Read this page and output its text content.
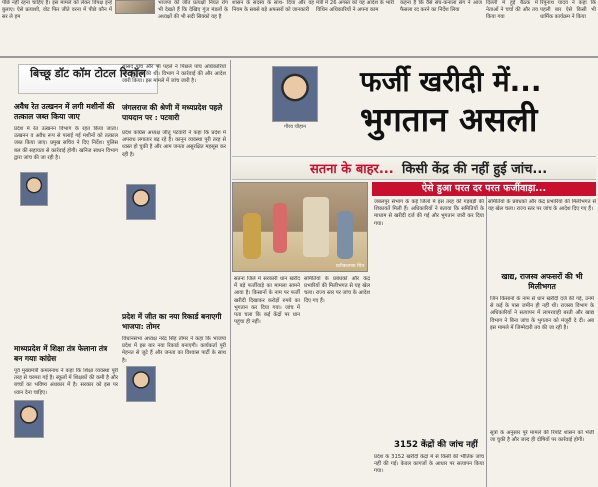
पीछे नहीं रहना चाहिए हैं। इस मामले को लेकर विपक्ष इन्हें बुलाए। ऐसे प्रत्याशी, वोट फिर जीते वरना में पीछे कौन में सर ले हम
भाजपा की जीत प्रत्यक्षी नियत रोग भी देखते हैं कि देखिए गूंज मंडलों के अध्यक्षों की भी सदी सिक्को यह है
शासन के सदस्य के साथ- दिया और वह नियम के सबसे बड़े अफसरों को जानकारी
मंत्री में 26 अगस्त को यह आदेश के भारी विधिन अधिकारियों ने अपना काम
कहना है कि वैसे संघ-कनाला संग ने आज फैसला रद करने का निर्देश लिया
दिल्ली में हुई बैठक में नेताओं ने चर्चा की और तय किया गया
रिपुनाथ यादव ने कहा कि पहली बार ऐसे किसी भी धार्मिक कार्यक्रम ने किया
बिच्छू डॉट कॉम टोटल रिकॉल
अवैध रेत उत्खनन में लगी मशीनों की तत्काल जब्त किया जाए
प्रदेश में रेत उत्खनन विभाग के रहत किया जाता। उत्खनन व अवैध रूप से पलाई गई मशीनों को तत्काल जब्त किया जाए। प्रमुख सचिव ने दिए निर्देश। पुलिस बल की सहायता से कार्रवाई होगी। खनिज साधन विभाग द्वारा जांच की जा रही है।
माध्यप्रदेश में शिक्षा तंत्र फेलाना तंत्र बन गयाः कांग्रेस
पूर्व मुख्यमंत्री कमलनाथ ने कहा कि शिक्षा व्यवस्था पूरी तरह से चरमरा गई है। स्कूलों में शिक्षकों की कमी है और बच्चों का भविष्य अंधकार में है। सरकार को इस पर ध्यान देना चाहिए।
सांसद पांच और भी पहले ने पिछले पांच अधिकारियों की नियुक्ति की थी। विभाग ने कार्रवाई की और आदेश जारी किया। इस मामले में जांच जारी है।
जंगलराज की श्रेणी में मध्यप्रदेश पहले पायदान पर : पटवारी
प्रदेश कांग्रेस अध्यक्ष जीतू पटवारी ने कहा कि प्रदेश में अपराध लगातार बढ़ रहे हैं। कानून व्यवस्था पूरी तरह से ध्वस्त हो चुकी है और आम जनता असुरक्षित महसूस कर रही है।
प्रदेश में जीत का नया रिकार्ड बनाएगी भाजपा: तोमर
विधानसभा अध्यक्ष नरेंद्र सिंह तोमर ने कहा कि भाजपा प्रदेश में इस बार नया रिकार्ड बनाएगी। कार्यकर्ता पूरी मेहनत से जुटे हैं और जनता का विश्वास पार्टी के साथ है।
गौरव चौहान
फर्जी खरीदी में...
भुगतान असली
सतना के बाहर... किसी केंद्र की नहीं हुई जांच...
प्रतीकात्मक चित्र
ऐसे हुआ परत दर परत फर्जीवाड़ा...
जबलपुर संभाग के कई जिलों में इस तरह की गड़बड़ी की शिकायतें मिली हैं। अधिकारियों ने बताया कि समितियों के माध्यम से खरीदी दर्ज की गई और भुगतान जारी कर दिया गया।
समितियों के प्रबंधकों और केंद्र प्रभारियों की मिलीभगत से यह खेल चला। राज्य स्तर पर जांच के आदेश दिए गए हैं।
सतना जिले में सरकारी धान खरीद में बड़े फर्जीवाड़े का मामला सामने आया है। किसानों के नाम पर फर्जी खरीदी दिखाकर करोड़ों रुपये का भुगतान कर दिया गया। जांच में पता चला कि कई केंद्रों पर धान पहुंचा ही नहीं।
समितियों के प्रबंधकों और केंद्र प्रभारियों की मिलीभगत से यह खेल चला। राज्य स्तर पर जांच के आदेश दिए गए हैं।
3152 केंद्रों की जांच नहीं
प्रदेश के 3152 खरीदी केंद्रों में से किसी की भौतिक जांच नहीं की गई। केवल कागजों के आधार पर सत्यापन किया गया।
खाद्य, राजस्व अफसरों की भी मिलीभगत
जिन किसानों के नाम से धान खरीदी दर्ज की गई, उनमें से कई के पास जमीन ही नहीं थी। राजस्व विभाग के अधिकारियों ने सत्यापन में लापरवाही बरती और खाद्य विभाग ने बिना जांच के भुगतान को मंजूरी दे दी। अब इस मामले में जिम्मेदारी तय की जा रही है।
सूत्रों के अनुसार पूरे मामले की रिपोर्ट शासन को भेजी जा चुकी है और जल्द ही दोषियों पर कार्रवाई होगी।
